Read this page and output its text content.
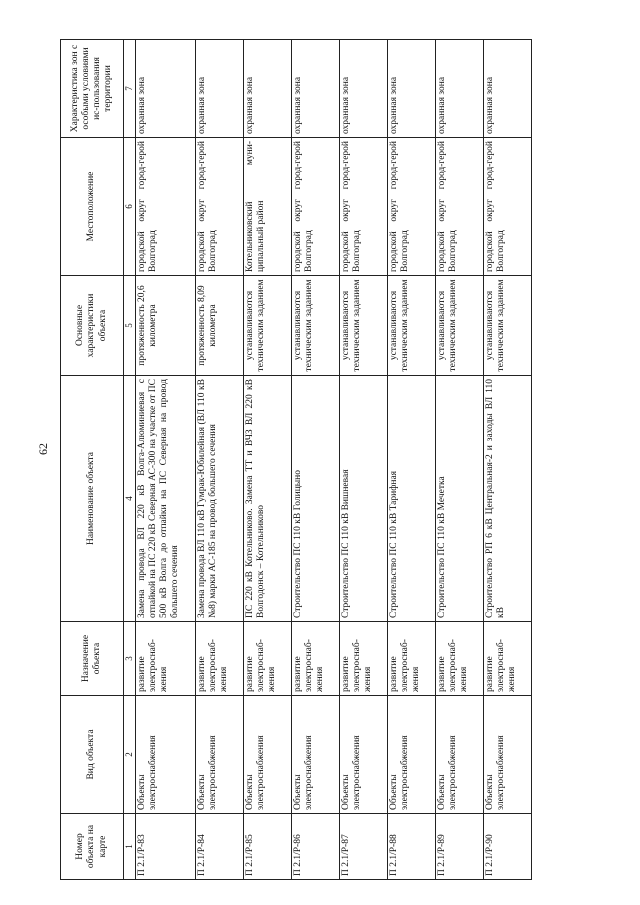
62
Номер объекта на карте	Вид объекта	Назначение объекта	Наименование объекта	Основные характеристики объекта	Местоположение	Характеристика зон с особыми условиями ис-пользования территории
1	2	3	4	5	6	7
П 2.1/Р-83	Объекты электроснабжения	развитие электроснаб-жения	Замена провода ВЛ 220 кВ Волга-Алюминиевая с отпайкой на ПС 220 кВ Северная АС-300 на участке от ПС 500 кВ Волга до отпайки на ПС Северная на провод большего сечения	протяженность 20,6 километра	городской округ город-герой Волгоград	охранная зона
П 2.1/Р-84	Объекты электроснабжения	развитие электроснаб-жения	Замена провода ВЛ 110 кВ Гумрак-Юбилейная (ВЛ 110 кВ №8) марки АС-185 на провод большего сечения	протяженность 8,09 километра	городской округ город-герой Волгоград	охранная зона
П 2.1/Р-85	Объекты электроснабжения	развитие электроснаб-жения	ПС 220 кВ Котельниково. Замена ТТ и ВЧЗ ВЛ 220 кВ Волгодонск – Котельниково	устанавливаются техническим заданием	Котельниковский муни-ципальный район	охранная зона
П 2.1/Р-86	Объекты электроснабжения	развитие электроснаб-жения	Строительство ПС 110 кВ Голицыно	устанавливаются техническим заданием	городской округ город-герой Волгоград	охранная зона
П 2.1/Р-87	Объекты электроснабжения	развитие электроснаб-жения	Строительство ПС 110 кВ Вишневая	устанавливаются техническим заданием	городской округ город-герой Волгоград	охранная зона
П 2.1/Р-88	Объекты электроснабжения	развитие электроснаб-жения	Строительство ПС 110 кВ Тарифная	устанавливаются техническим заданием	городской округ город-герой Волгоград	охранная зона
П 2.1/Р-89	Объекты электроснабжения	развитие электроснаб-жения	Строительство ПС 110 кВ Мечетка	устанавливаются техническим заданием	городской округ город-герой Волгоград	охранная зона
П 2.1/Р-90	Объекты электроснабжения	развитие электроснаб-жения	Строительство РП 6 кВ Центральная-2 и заходы ВЛ 110 кВ	устанавливаются техническим заданием	городской округ город-герой Волгоград	охранная зона
